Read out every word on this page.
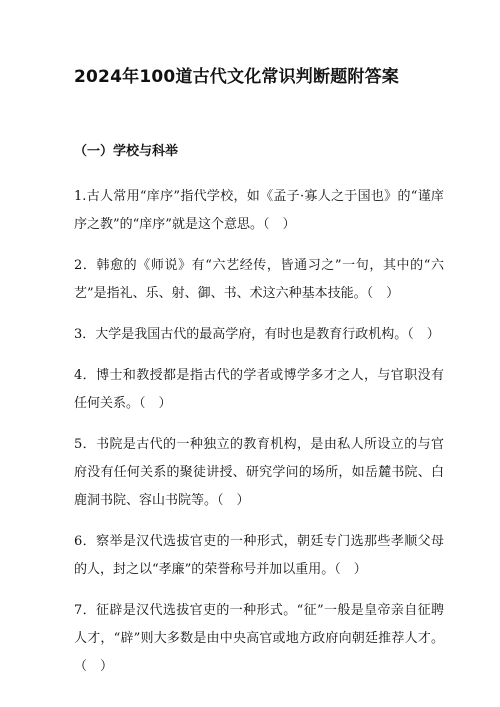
2024年100道古代文化常识判断题附答案
（一）学校与科举

1.古人常用“庠序”指代学校，如《孟子·寡人之于国也》的“谨庠序之教”的“庠序”就是这个意思。（　）

2．韩愈的《师说》有“六艺经传，皆通习之”一句，其中的“六艺”是指礼、乐、射、御、书、术这六种基本技能。（　）

3．大学是我国古代的最高学府，有时也是教育行政机构。（　）

4．博士和教授都是指古代的学者或博学多才之人，与官职没有任何关系。（　）

5．书院是古代的一种独立的教育机构，是由私人所设立的与官府没有任何关系的聚徒讲授、研究学问的场所，如岳麓书院、白鹿洞书院、容山书院等。（　）

6．察举是汉代选拔官吏的一种形式，朝廷专门选那些孝顺父母的人，封之以“孝廉”的荣誉称号并加以重用。（　）

7．征辟是汉代选拔官吏的一种形式。“征”一般是皇帝亲自征聘人才，“辟”则大多数是由中央高官或地方政府向朝廷推荐人才。（　）
